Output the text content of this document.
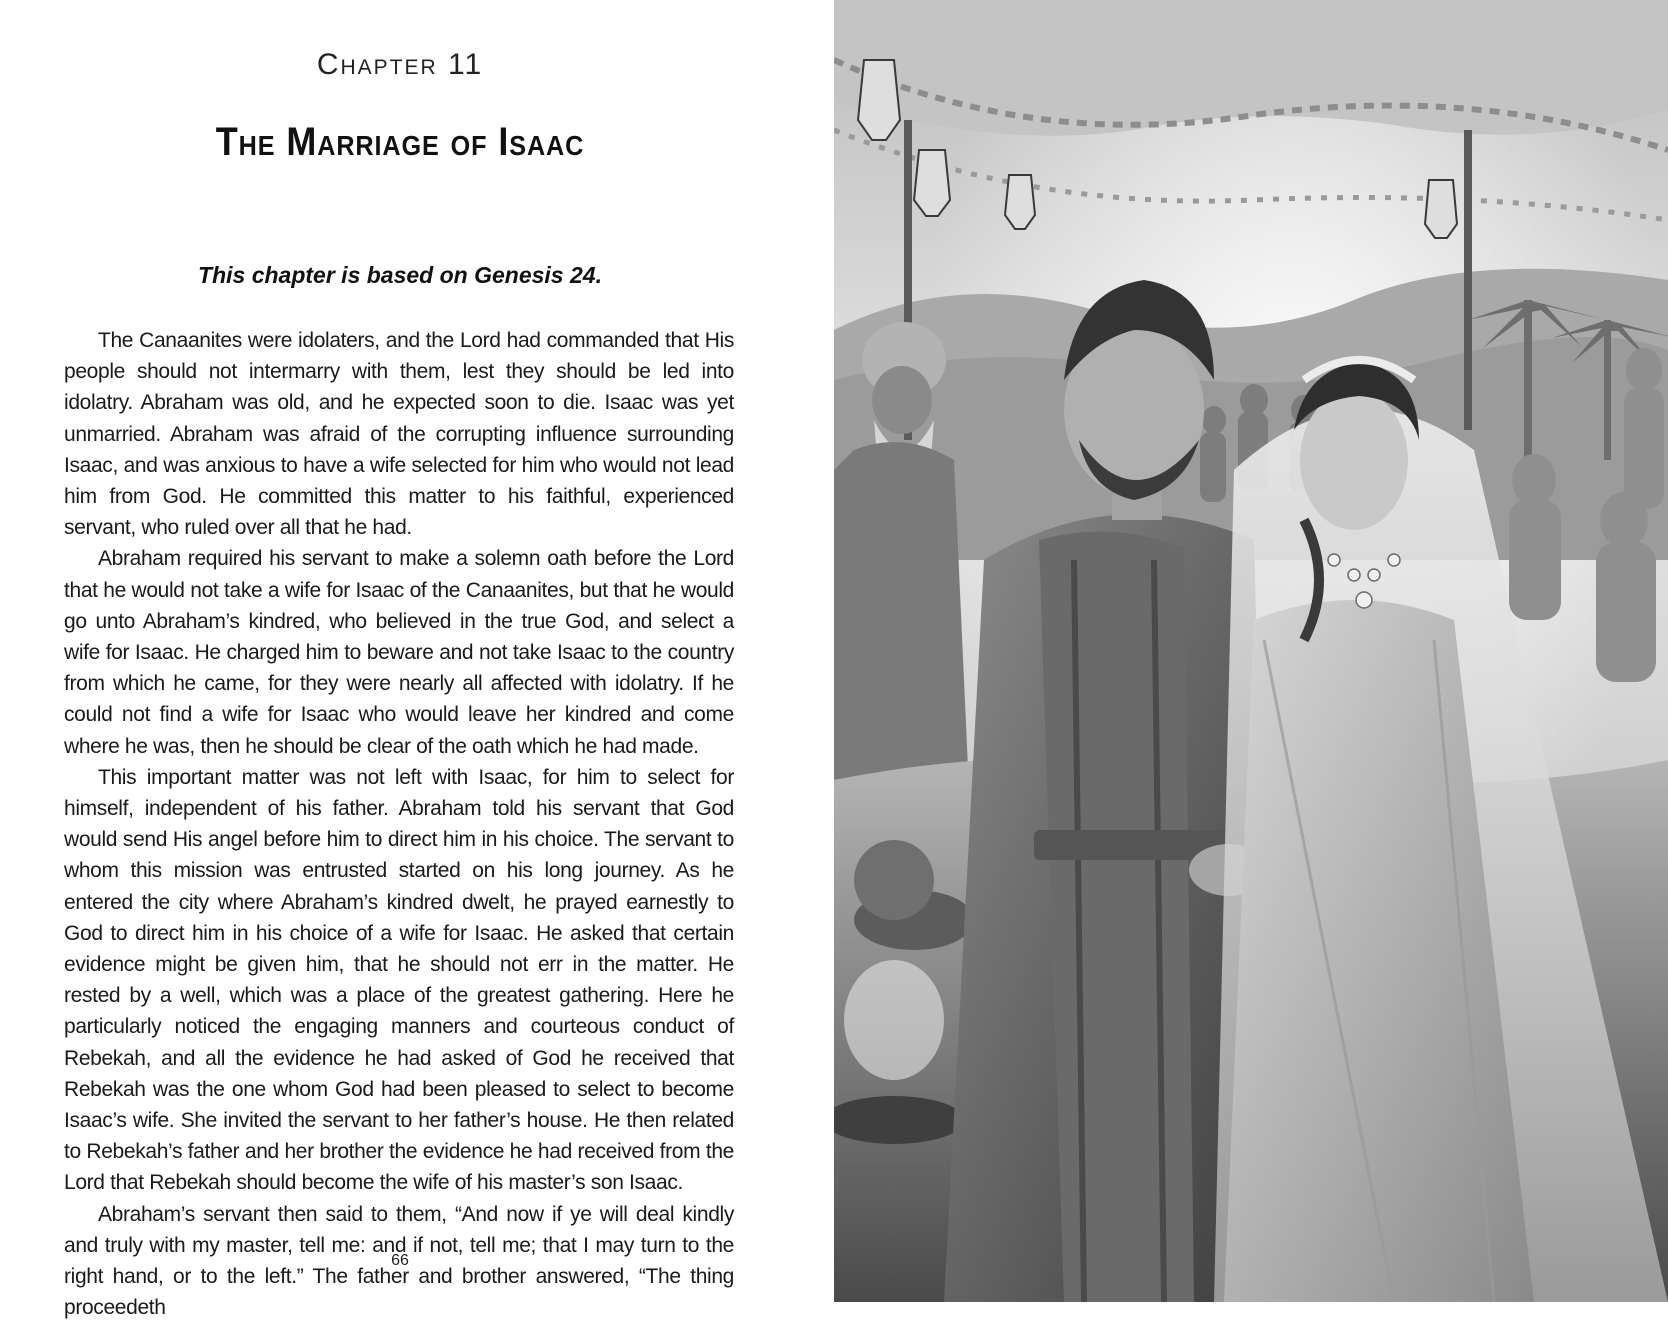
Chapter 11
The Marriage of Isaac
This chapter is based on Genesis 24.

The Canaanites were idolaters, and the Lord had commanded that His people should not intermarry with them, lest they should be led into idolatry. Abraham was old, and he expected soon to die. Isaac was yet unmarried. Abraham was afraid of the corrupting influence surrounding Isaac, and was anxious to have a wife selected for him who would not lead him from God. He committed this matter to his faithful, experienced servant, who ruled over all that he had.

Abraham required his servant to make a solemn oath before the Lord that he would not take a wife for Isaac of the Canaanites, but that he would go unto Abraham’s kindred, who believed in the true God, and select a wife for Isaac. He charged him to beware and not take Isaac to the country from which he came, for they were nearly all affected with idolatry. If he could not find a wife for Isaac who would leave her kindred and come where he was, then he should be clear of the oath which he had made.

This important matter was not left with Isaac, for him to select for himself, independent of his father. Abraham told his servant that God would send His angel before him to direct him in his choice. The servant to whom this mission was entrusted started on his long journey. As he entered the city where Abraham’s kindred dwelt, he prayed earnestly to God to direct him in his choice of a wife for Isaac. He asked that certain evidence might be given him, that he should not err in the matter. He rested by a well, which was a place of the greatest gathering. Here he particularly noticed the engaging manners and courteous conduct of Rebekah, and all the evidence he had asked of God he received that Rebekah was the one whom God had been pleased to select to become Isaac’s wife. She invited the servant to her father’s house. He then related to Rebekah’s father and her brother the evidence he had received from the Lord that Rebekah should become the wife of his master’s son Isaac.

Abraham’s servant then said to them, “And now if ye will deal kindly and truly with my master, tell me: and if not, tell me; that I may turn to the right hand, or to the left.” The father and brother answered, “The thing proceedeth

66
